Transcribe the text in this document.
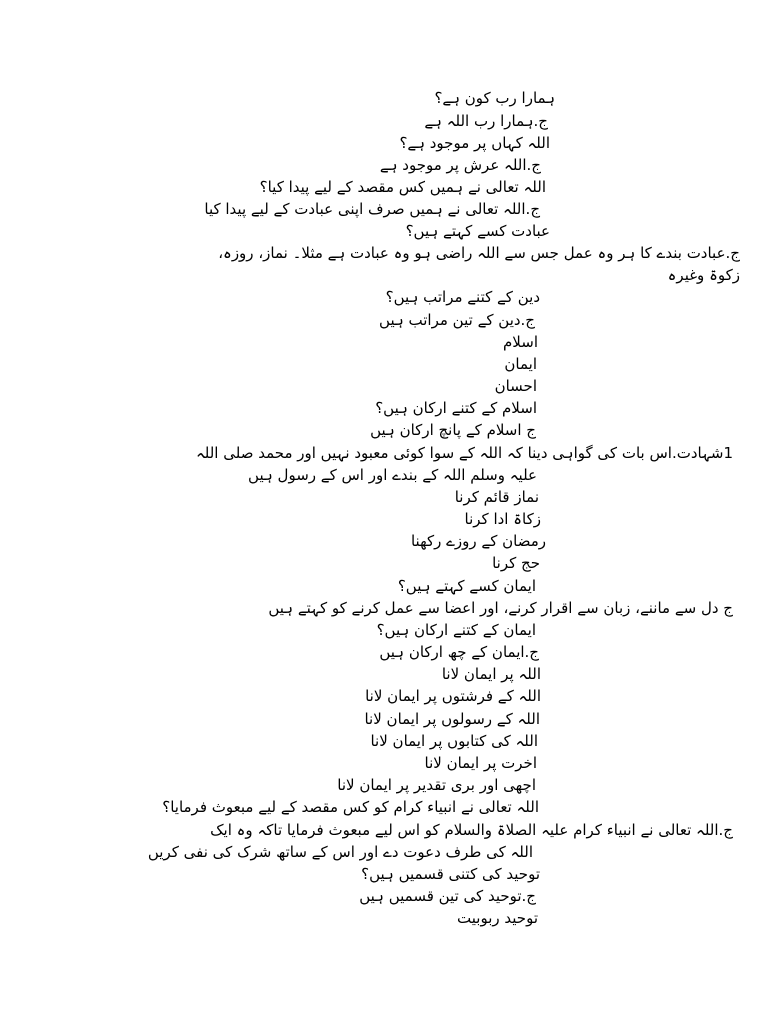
ہمارا رب کون ہے؟
ج.ہمارا رب اللہ ہے
اللہ کہاں پر موجود ہے؟
ج.اللہ عرش پر موجود ہے
اللہ تعالی نے ہمیں کس مقصد کے لیے پیدا کیا؟
ج.اللہ تعالی نے ہمیں صرف اپنی عبادت کے لیے پیدا کیا
عبادت کسے کہتے ہیں؟
ج.عبادت بندے کا ہر وہ عمل جس سے اللہ راضی ہو وہ عبادت ہے مثلا۔ نماز، روزہ،
زکوۃ وغیرہ
دین کے کتنے مراتب ہیں؟
ج.دین کے تین مراتب ہیں
اسلام
ایمان
احسان
اسلام کے کتنے ارکان ہیں؟
ج اسلام کے پانچ ارکان ہیں
1شہادت.اس بات کی گواہی دینا کہ اللہ کے سوا کوئی معبود نہیں اور محمد صلی اللہ
علیہ وسلم اللہ کے بندے اور اس کے رسول ہیں
نماز قائم کرنا
زکاۃ ادا کرنا
رمضان کے روزے رکھنا
حج کرنا
ایمان کسے کہتے ہیں؟
ج دل سے ماننے، زبان سے اقرار کرنے، اور اعضا سے عمل کرنے کو کہتے ہیں
ایمان کے کتنے ارکان ہیں؟
ج.ایمان کے چھ ارکان ہیں
اللہ پر ایمان لانا
اللہ کے فرشتوں پر ایمان لانا
اللہ کے رسولوں پر ایمان لانا
اللہ کی کتابوں پر ایمان لانا
اخرت پر ایمان لانا
اچھی اور بری تقدیر پر ایمان لانا
اللہ تعالی نے انبیاء کرام کو کس مقصد کے لیے مبعوث فرمایا؟
ج.اللہ تعالی نے انبیاء کرام علیہ الصلاۃ والسلام کو اس لیے مبعوث فرمایا تاکہ وہ ایک
اللہ کی طرف دعوت دے اور اس کے ساتھ شرک کی نفی کریں
توحید کی کتنی قسمیں ہیں؟
ج.توحید کی تین قسمیں ہیں
توحید ربوبیت
